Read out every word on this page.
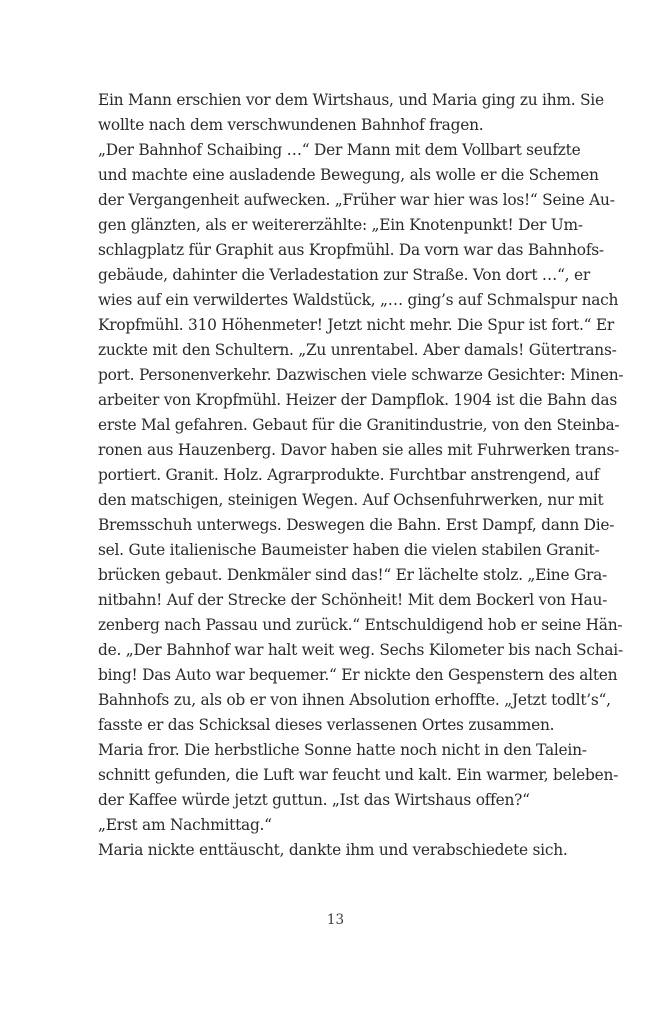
Ein Mann erschien vor dem Wirtshaus, und Maria ging zu ihm. Sie
wollte nach dem verschwundenen Bahnhof fragen.
„Der Bahnhof Schaibing …“ Der Mann mit dem Vollbart seufzte
und machte eine ausladende Bewegung, als wolle er die Schemen
der Vergangenheit aufwecken. „Früher war hier was los!“ Seine Au-
gen glänzten, als er weitererzählte: „Ein Knotenpunkt! Der Um-
schlagplatz für Graphit aus Kropfmühl. Da vorn war das Bahnhofs-
gebäude, dahinter die Verladestation zur Straße. Von dort …“, er
wies auf ein verwildertes Waldstück, „… ging’s auf Schmalspur nach
Kropfmühl. 310 Höhenmeter! Jetzt nicht mehr. Die Spur ist fort.“ Er
zuckte mit den Schultern. „Zu unrentabel. Aber damals! Gütertrans-
port. Personenverkehr. Dazwischen viele schwarze Gesichter: Minen-
arbeiter von Kropfmühl. Heizer der Dampflok. 1904 ist die Bahn das
erste Mal gefahren. Gebaut für die Granitindustrie, von den Steinba-
ronen aus Hauzenberg. Davor haben sie alles mit Fuhrwerken trans-
portiert. Granit. Holz. Agrarprodukte. Furchtbar anstrengend, auf
den matschigen, steinigen Wegen. Auf Ochsenfuhrwerken, nur mit
Bremsschuh unterwegs. Deswegen die Bahn. Erst Dampf, dann Die-
sel. Gute italienische Baumeister haben die vielen stabilen Granit-
brücken gebaut. Denkmäler sind das!“ Er lächelte stolz. „Eine Gra-
nitbahn! Auf der Strecke der Schönheit! Mit dem Bockerl von Hau-
zenberg nach Passau und zurück.“ Entschuldigend hob er seine Hän-
de. „Der Bahnhof war halt weit weg. Sechs Kilometer bis nach Schai-
bing! Das Auto war bequemer.“ Er nickte den Gespenstern des alten
Bahnhofs zu, als ob er von ihnen Absolution erhoffte. „Jetzt todlt’s“,
fasste er das Schicksal dieses verlassenen Ortes zusammen.
Maria fror. Die herbstliche Sonne hatte noch nicht in den Talein-
schnitt gefunden, die Luft war feucht und kalt. Ein warmer, beleben-
der Kaffee würde jetzt guttun. „Ist das Wirtshaus offen?“
„Erst am Nachmittag.“
Maria nickte enttäuscht, dankte ihm und verabschiedete sich.
13
